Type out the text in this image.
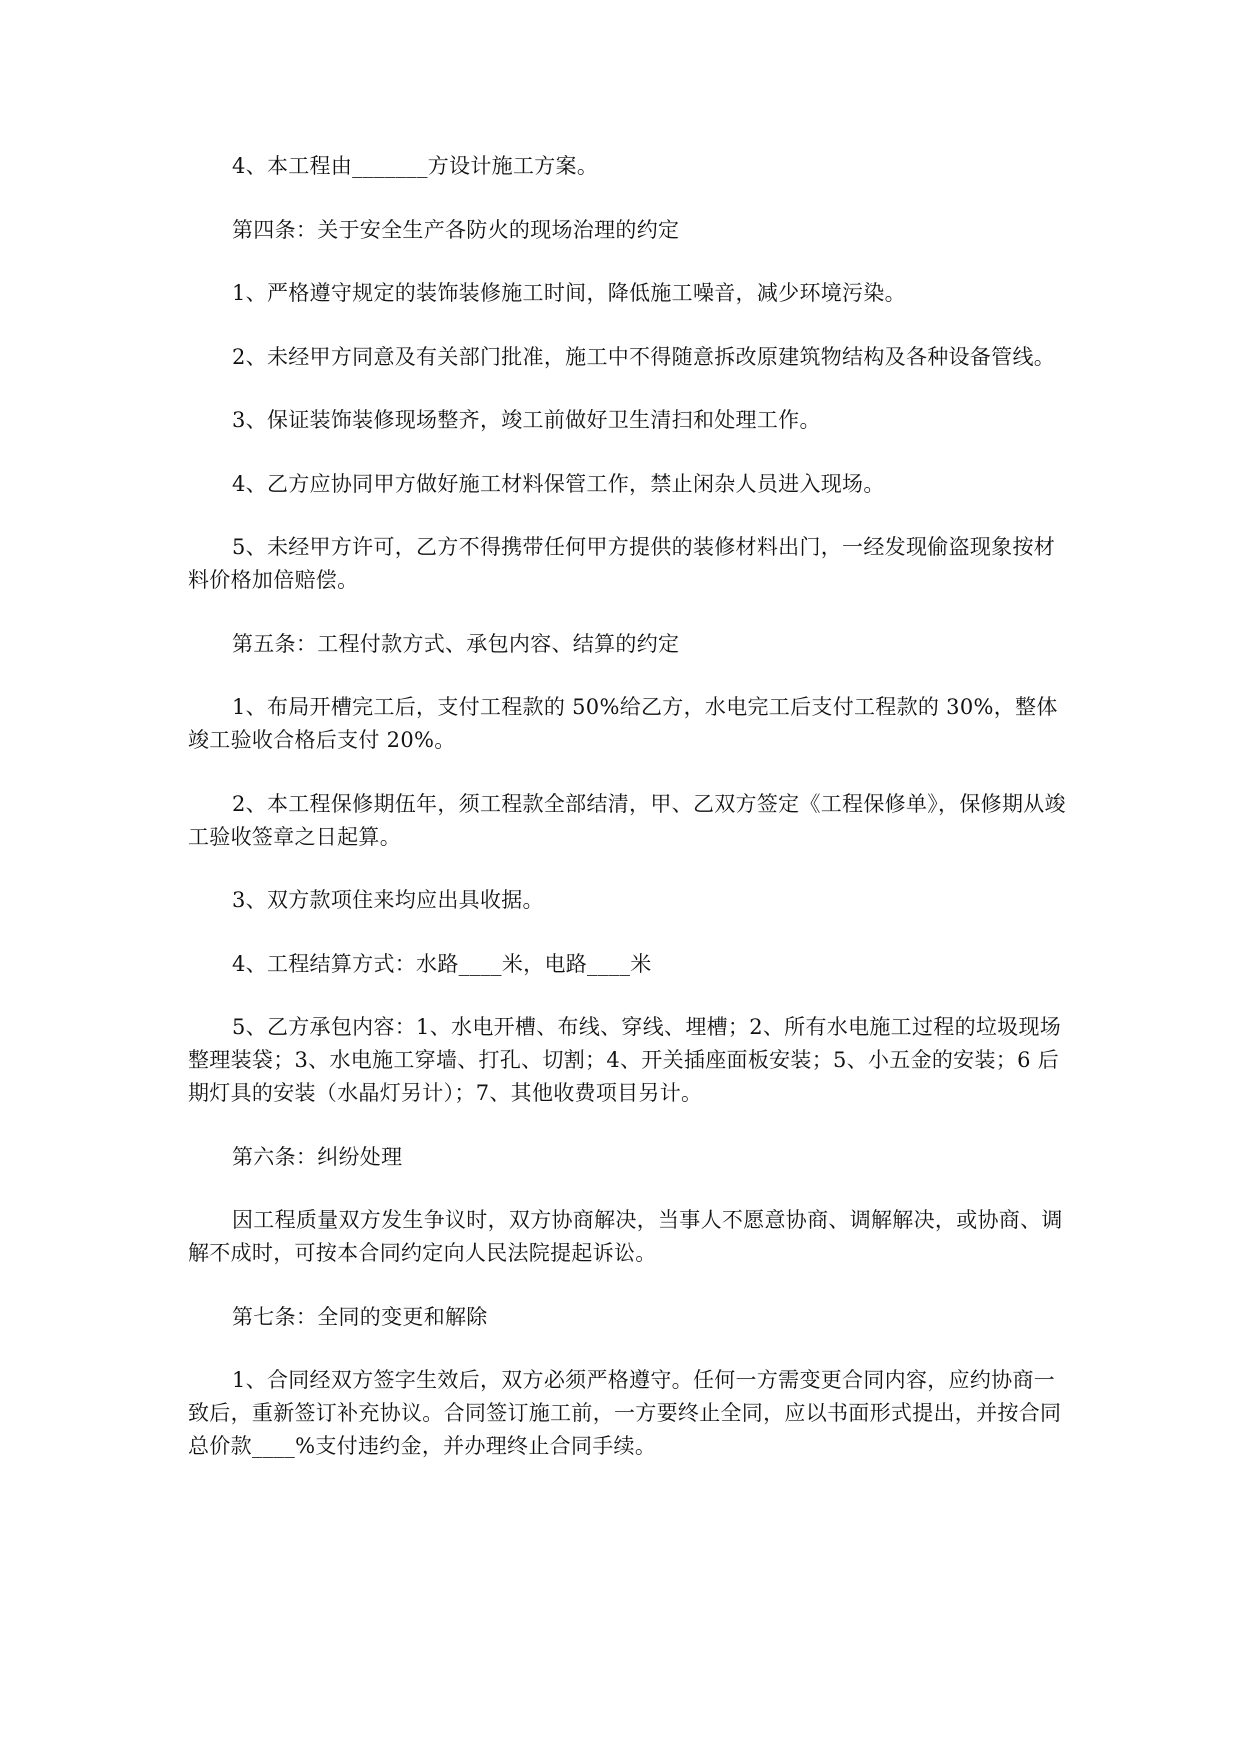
4、本工程由_______方设计施工方案。

第四条：关于安全生产各防火的现场治理的约定

1、严格遵守规定的装饰装修施工时间，降低施工噪音，减少环境污染。

2、未经甲方同意及有关部门批准，施工中不得随意拆改原建筑物结构及各种设备管线。

3、保证装饰装修现场整齐，竣工前做好卫生清扫和处理工作。

4、乙方应协同甲方做好施工材料保管工作，禁止闲杂人员进入现场。

5、未经甲方许可，乙方不得携带任何甲方提供的装修材料出门，一经发现偷盗现象按材料价格加倍赔偿。

第五条：工程付款方式、承包内容、结算的约定

1、布局开槽完工后，支付工程款的 50%给乙方，水电完工后支付工程款的 30%，整体竣工验收合格后支付 20%。

2、本工程保修期伍年，须工程款全部结清，甲、乙双方签定《工程保修单》，保修期从竣工验收签章之日起算。

3、双方款项住来均应出具收据。

4、工程结算方式：水路____米，电路____米

5、乙方承包内容：1、水电开槽、布线、穿线、埋槽；2、所有水电施工过程的垃圾现场整理装袋；3、水电施工穿墙、打孔、切割；4、开关插座面板安装；5、小五金的安装；6 后期灯具的安装（水晶灯另计）；7、其他收费项目另计。

第六条：纠纷处理

因工程质量双方发生争议时，双方协商解决，当事人不愿意协商、调解解决，或协商、调解不成时，可按本合同约定向人民法院提起诉讼。

第七条：全同的变更和解除

1、合同经双方签字生效后，双方必须严格遵守。任何一方需变更合同内容，应约协商一致后，重新签订补充协议。合同签订施工前，一方要终止全同，应以书面形式提出，并按合同总价款____%支付违约金，并办理终止合同手续。
